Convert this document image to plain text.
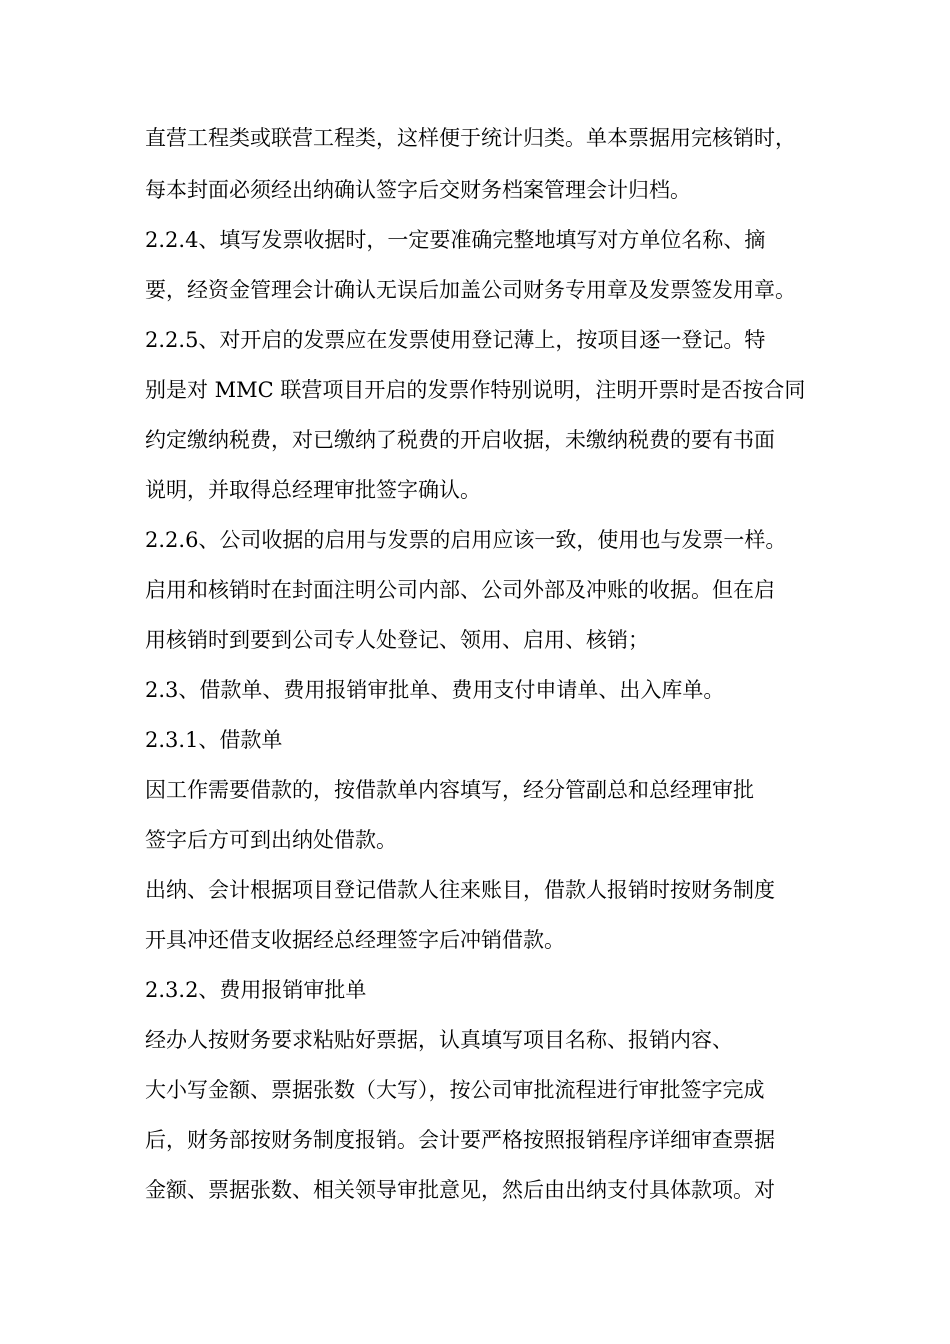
直营工程类或联营工程类，这样便于统计归类。单本票据用完核销时，
每本封面必须经出纳确认签字后交财务档案管理会计归档。
2.2.4、填写发票收据时，一定要准确完整地填写对方单位名称、摘
要，经资金管理会计确认无误后加盖公司财务专用章及发票签发用章。
2.2.5、对开启的发票应在发票使用登记薄上，按项目逐一登记。特
别是对 MMC 联营项目开启的发票作特别说明，注明开票时是否按合同
约定缴纳税费，对已缴纳了税费的开启收据，未缴纳税费的要有书面
说明，并取得总经理审批签字确认。
2.2.6、公司收据的启用与发票的启用应该一致，使用也与发票一样。
启用和核销时在封面注明公司内部、公司外部及冲账的收据。但在启
用核销时到要到公司专人处登记、领用、启用、核销；
2.3、借款单、费用报销审批单、费用支付申请单、出入库单。
2.3.1、借款单
因工作需要借款的，按借款单内容填写，经分管副总和总经理审批
签字后方可到出纳处借款。
出纳、会计根据项目登记借款人往来账目，借款人报销时按财务制度
开具冲还借支收据经总经理签字后冲销借款。
2.3.2、费用报销审批单
经办人按财务要求粘贴好票据，认真填写项目名称、报销内容、
大小写金额、票据张数（大写），按公司审批流程进行审批签字完成
后，财务部按财务制度报销。会计要严格按照报销程序详细审查票据
金额、票据张数、相关领导审批意见，然后由出纳支付具体款项。对
